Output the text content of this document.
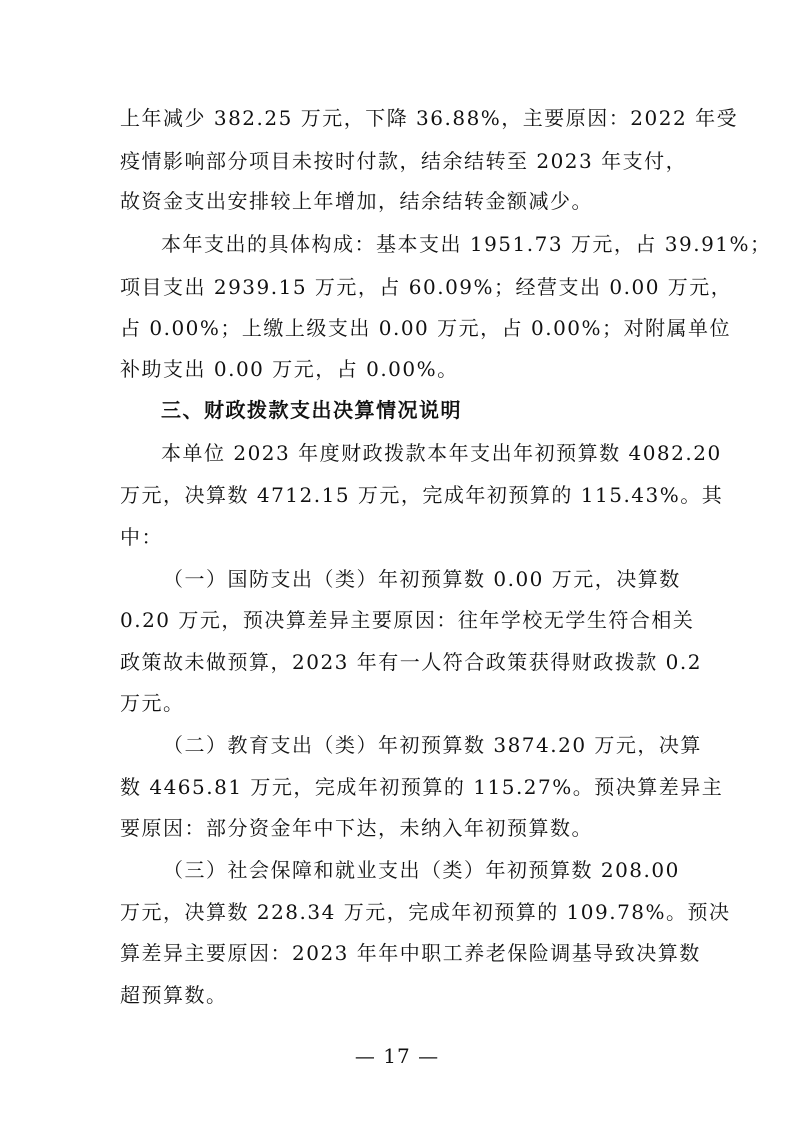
上年减少 382.25 万元，下降 36.88%，主要原因：2022 年受
疫情影响部分项目未按时付款，结余结转至 2023 年支付，
故资金支出安排较上年增加，结余结转金额减少。
本年支出的具体构成：基本支出 1951.73 万元，占 39.91%；
项目支出 2939.15 万元，占 60.09%；经营支出 0.00 万元，
占 0.00%；上缴上级支出 0.00 万元，占 0.00%；对附属单位
补助支出 0.00 万元，占 0.00%。
三、财政拨款支出决算情况说明
本单位 2023 年度财政拨款本年支出年初预算数 4082.20
万元，决算数 4712.15 万元，完成年初预算的 115.43%。其
中：
（一）国防支出（类）年初预算数 0.00 万元，决算数
0.20 万元，预决算差异主要原因：往年学校无学生符合相关
政策故未做预算，2023 年有一人符合政策获得财政拨款 0.2
万元。
（二）教育支出（类）年初预算数 3874.20 万元，决算
数 4465.81 万元，完成年初预算的 115.27%。预决算差异主
要原因：部分资金年中下达，未纳入年初预算数。
（三）社会保障和就业支出（类）年初预算数 208.00
万元，决算数 228.34 万元，完成年初预算的 109.78%。预决
算差异主要原因：2023 年年中职工养老保险调基导致决算数
超预算数。
— 17 —
